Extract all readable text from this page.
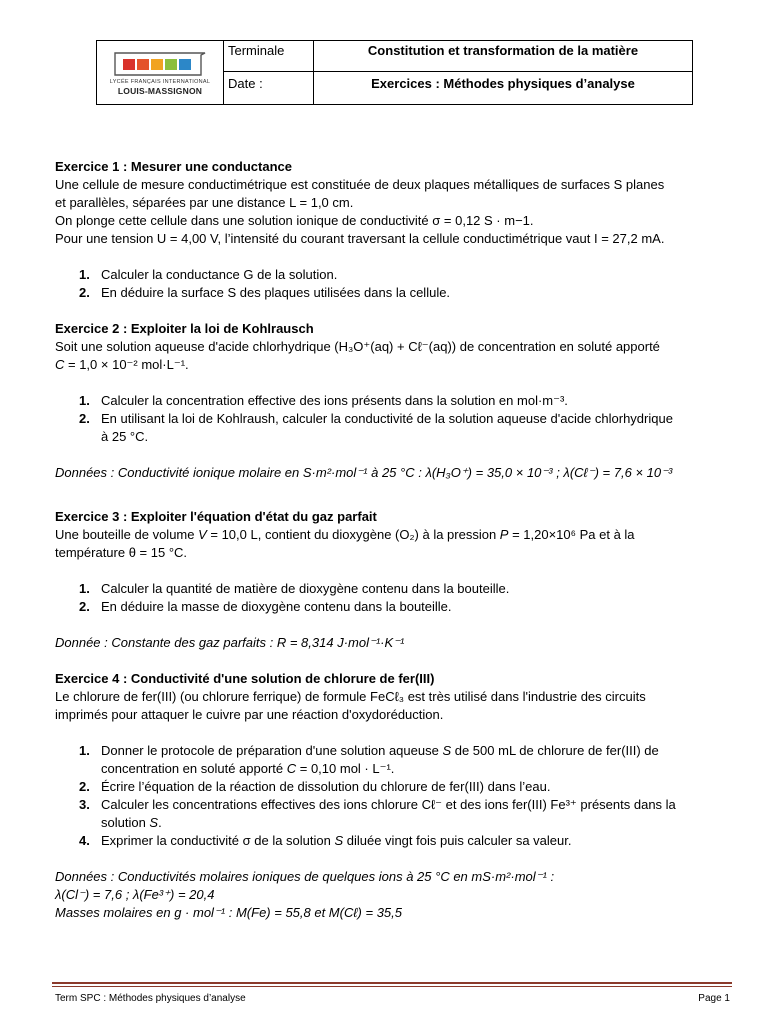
LYCÉE FRANÇAIS INTERNATIONAL
LOUIS-MASSIGNON
Terminale	Constitution et transformation de la matière
Date :	Exercices : Méthodes physiques d’analyse

Exercice 1 : Mesurer une conductance

Une cellule de mesure conductimétrique est constituée de deux plaques métalliques de surfaces S planes

et parallèles, séparées par une distance L = 1,0 cm.

On plonge cette cellule dans une solution ionique de conductivité σ = 0,12 S · m−1.

Pour une tension U = 4,00 V, l’intensité du courant traversant la cellule conductimétrique vaut I = 27,2 mA.

1. Calculer la conductance G de la solution.
2. En déduire la surface S des plaques utilisées dans la cellule.

Exercice 2 : Exploiter la loi de Kohlrausch

Soit une solution aqueuse d'acide chlorhydrique (H₃O⁺(aq) + Cℓ⁻(aq)) de concentration en soluté apporté

C = 1,0 × 10⁻² mol·L⁻¹.

1. Calculer la concentration effective des ions présents dans la solution en mol·m⁻³.
2. En utilisant la loi de Kohlraush, calculer la conductivité de la solution aqueuse d'acide chlorhydrique
à 25 °C.

Données : Conductivité ionique molaire en S·m²·mol⁻¹ à 25 °C : λ(H₃O⁺) = 35,0 × 10⁻³ ; λ(Cℓ⁻) = 7,6 × 10⁻³

Exercice 3 : Exploiter l'équation d'état du gaz parfait

Une bouteille de volume V = 10,0 L, contient du dioxygène (O₂) à la pression P = 1,20×10⁶ Pa et à la

température θ = 15 °C.

1. Calculer la quantité de matière de dioxygène contenu dans la bouteille.
2. En déduire la masse de dioxygène contenu dans la bouteille.

Donnée : Constante des gaz parfaits : R = 8,314 J·mol⁻¹·K⁻¹

Exercice 4 : Conductivité d'une solution de chlorure de fer(III)

Le chlorure de fer(III) (ou chlorure ferrique) de formule FeCℓ₃ est très utilisé dans l'industrie des circuits

imprimés pour attaquer le cuivre par une réaction d'oxydoréduction.

1. Donner le protocole de préparation d'une solution aqueuse S de 500 mL de chlorure de fer(III) de
concentration en soluté apporté C = 0,10 mol · L⁻¹.
2. Écrire l’équation de la réaction de dissolution du chlorure de fer(III) dans l’eau.
3. Calculer les concentrations effectives des ions chlorure Cℓ⁻ et des ions fer(III) Fe³⁺ présents dans la
solution S.
4. Exprimer la conductivité σ de la solution S diluée vingt fois puis calculer sa valeur.

Données : Conductivités molaires ioniques de quelques ions à 25 °C en mS·m²·mol⁻¹ :

λ(Cl⁻) = 7,6 ; λ(Fe³⁺) = 20,4

Masses molaires en g · mol⁻¹ : M(Fe) = 55,8 et M(Cℓ) = 35,5

Term SPC : Méthodes physiques d’analyse	Page 1
